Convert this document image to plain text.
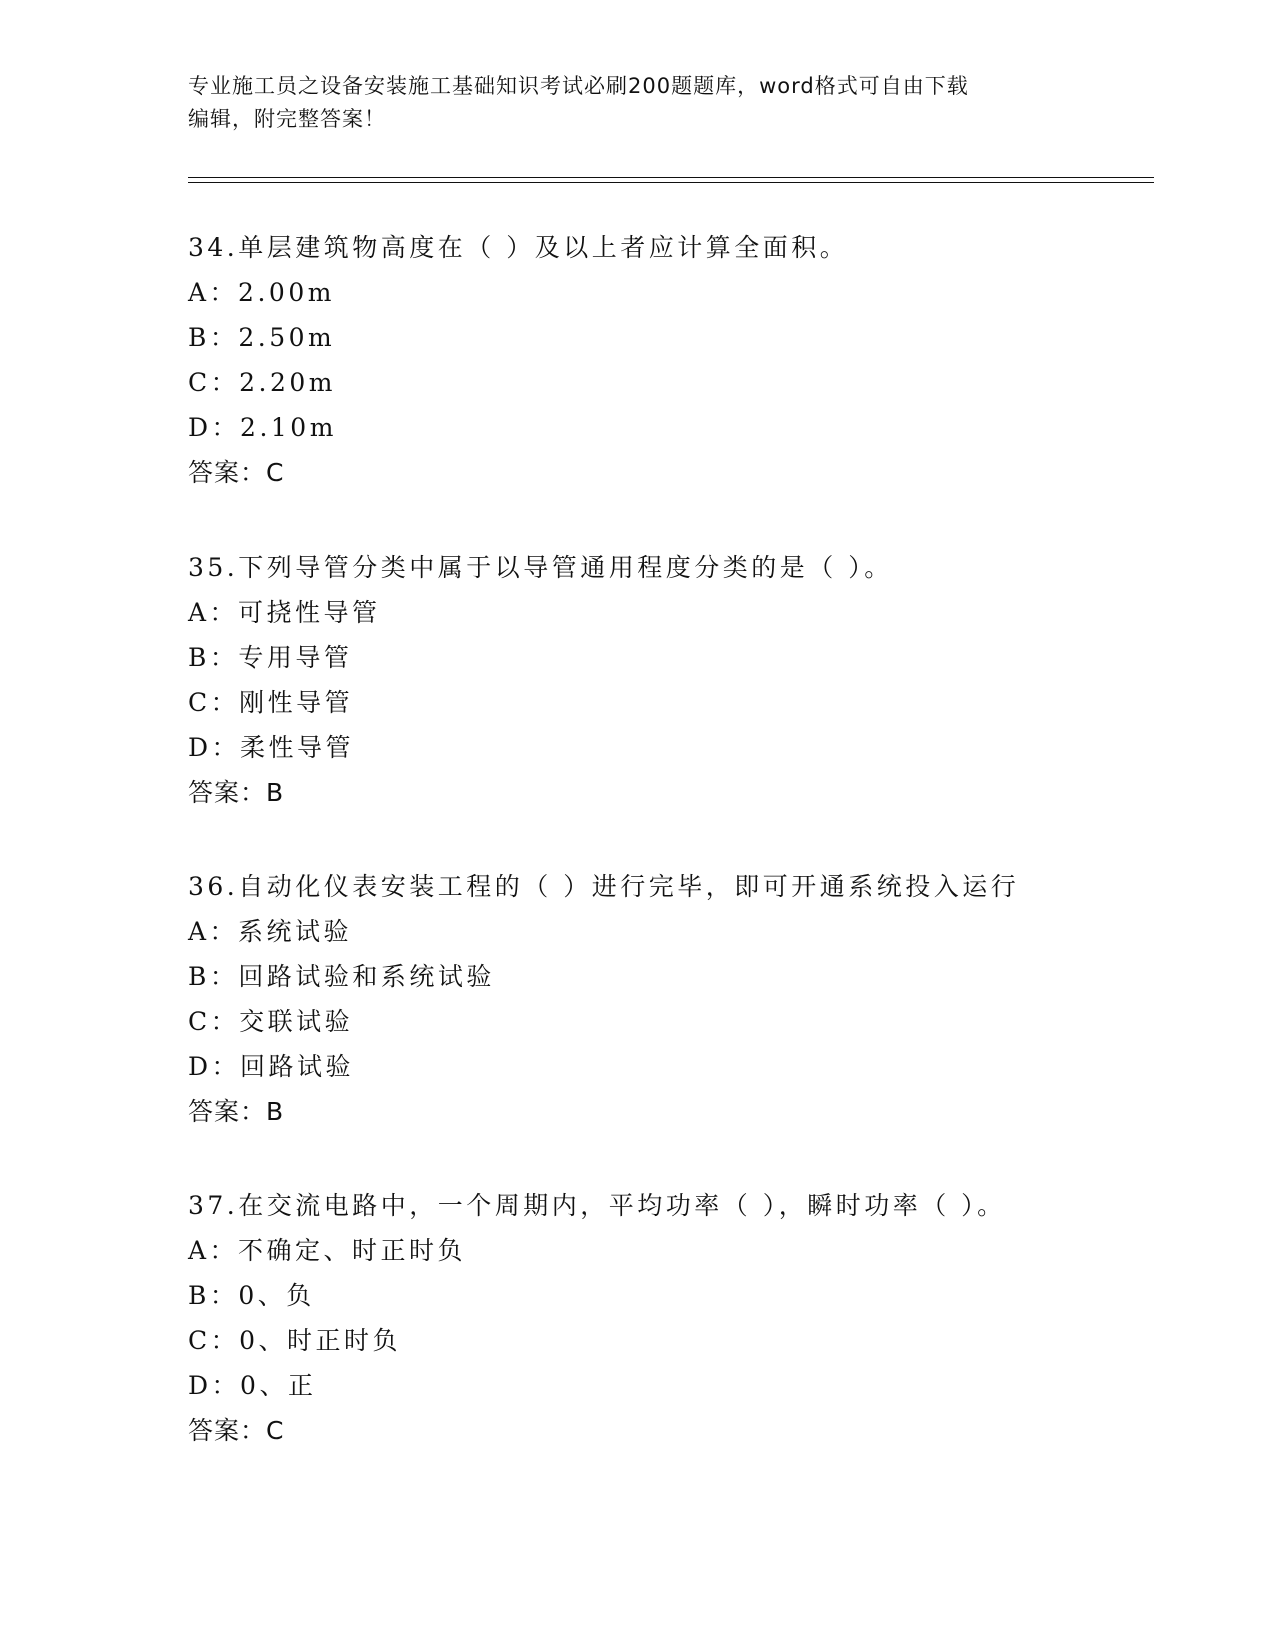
专业施工员之设备安装施工基础知识考试必刷200题题库，word格式可自由下载
编辑，附完整答案！
34.单层建筑物高度在（ ）及以上者应计算全面积。
A：2.00m
B：2.50m
C：2.20m
D：2.10m
答案：C
35.下列导管分类中属于以导管通用程度分类的是（ ）。
A：可挠性导管
B：专用导管
C：刚性导管
D：柔性导管
答案：B
36.自动化仪表安装工程的（ ）进行完毕，即可开通系统投入运行
A：系统试验
B：回路试验和系统试验
C：交联试验
D：回路试验
答案：B
37.在交流电路中，一个周期内，平均功率（ ），瞬时功率（ ）。
A：不确定、时正时负
B：0、负
C：0、时正时负
D：0、正
答案：C
